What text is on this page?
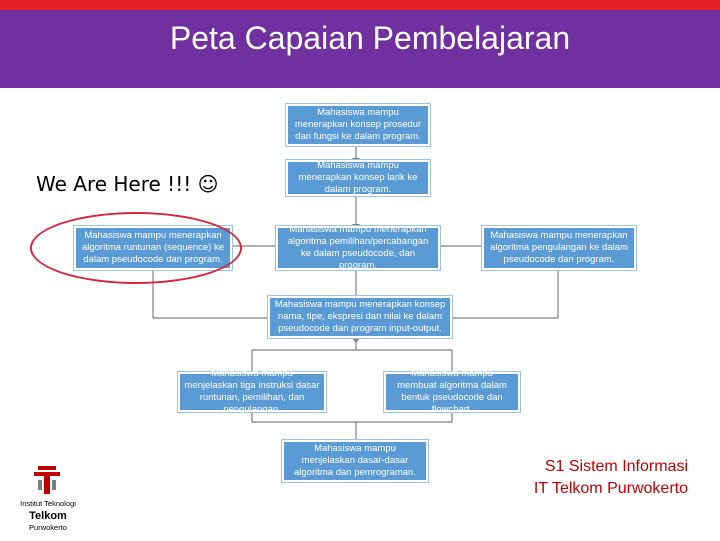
Peta Capaian Pembelajaran
Mahasiswa mampu menerapkan konsep prosedur dan fungsi ke dalam program.
Mahasiswa mampu menerapkan konsep larik ke dalam program.
Mahasiswa mampu menerapkan algoritma runtunan (sequence) ke dalam pseudocode dan program.
Mahasiswa mampu menerapkan algoritma pemilihan/percabangan ke dalam pseudocode, dan program.
Mahasiswa mampu menerapkan algoritma pengulangan ke dalam pseudocode dan program.
Mahasiswa mampu menerapkan konsep nama, tipe, ekspresi dan nilai ke dalam pseudocode dan program input-output.
Mahasiswa mampu menjelaskan tiga instruksi dasar runtunan, pemilihan, dan pengulangan.
Mahasiswa mampu membuat algoritma dalam bentuk pseudocode dan flowchart.
Mahasiswa mampu menjelaskan dasar-dasar algoritma dan pemrograman.
We Are Here !!! ☺
S1 Sistem Informasi
IT Telkom Purwokerto
Institut Teknologi
Telkom
Purwokerto
